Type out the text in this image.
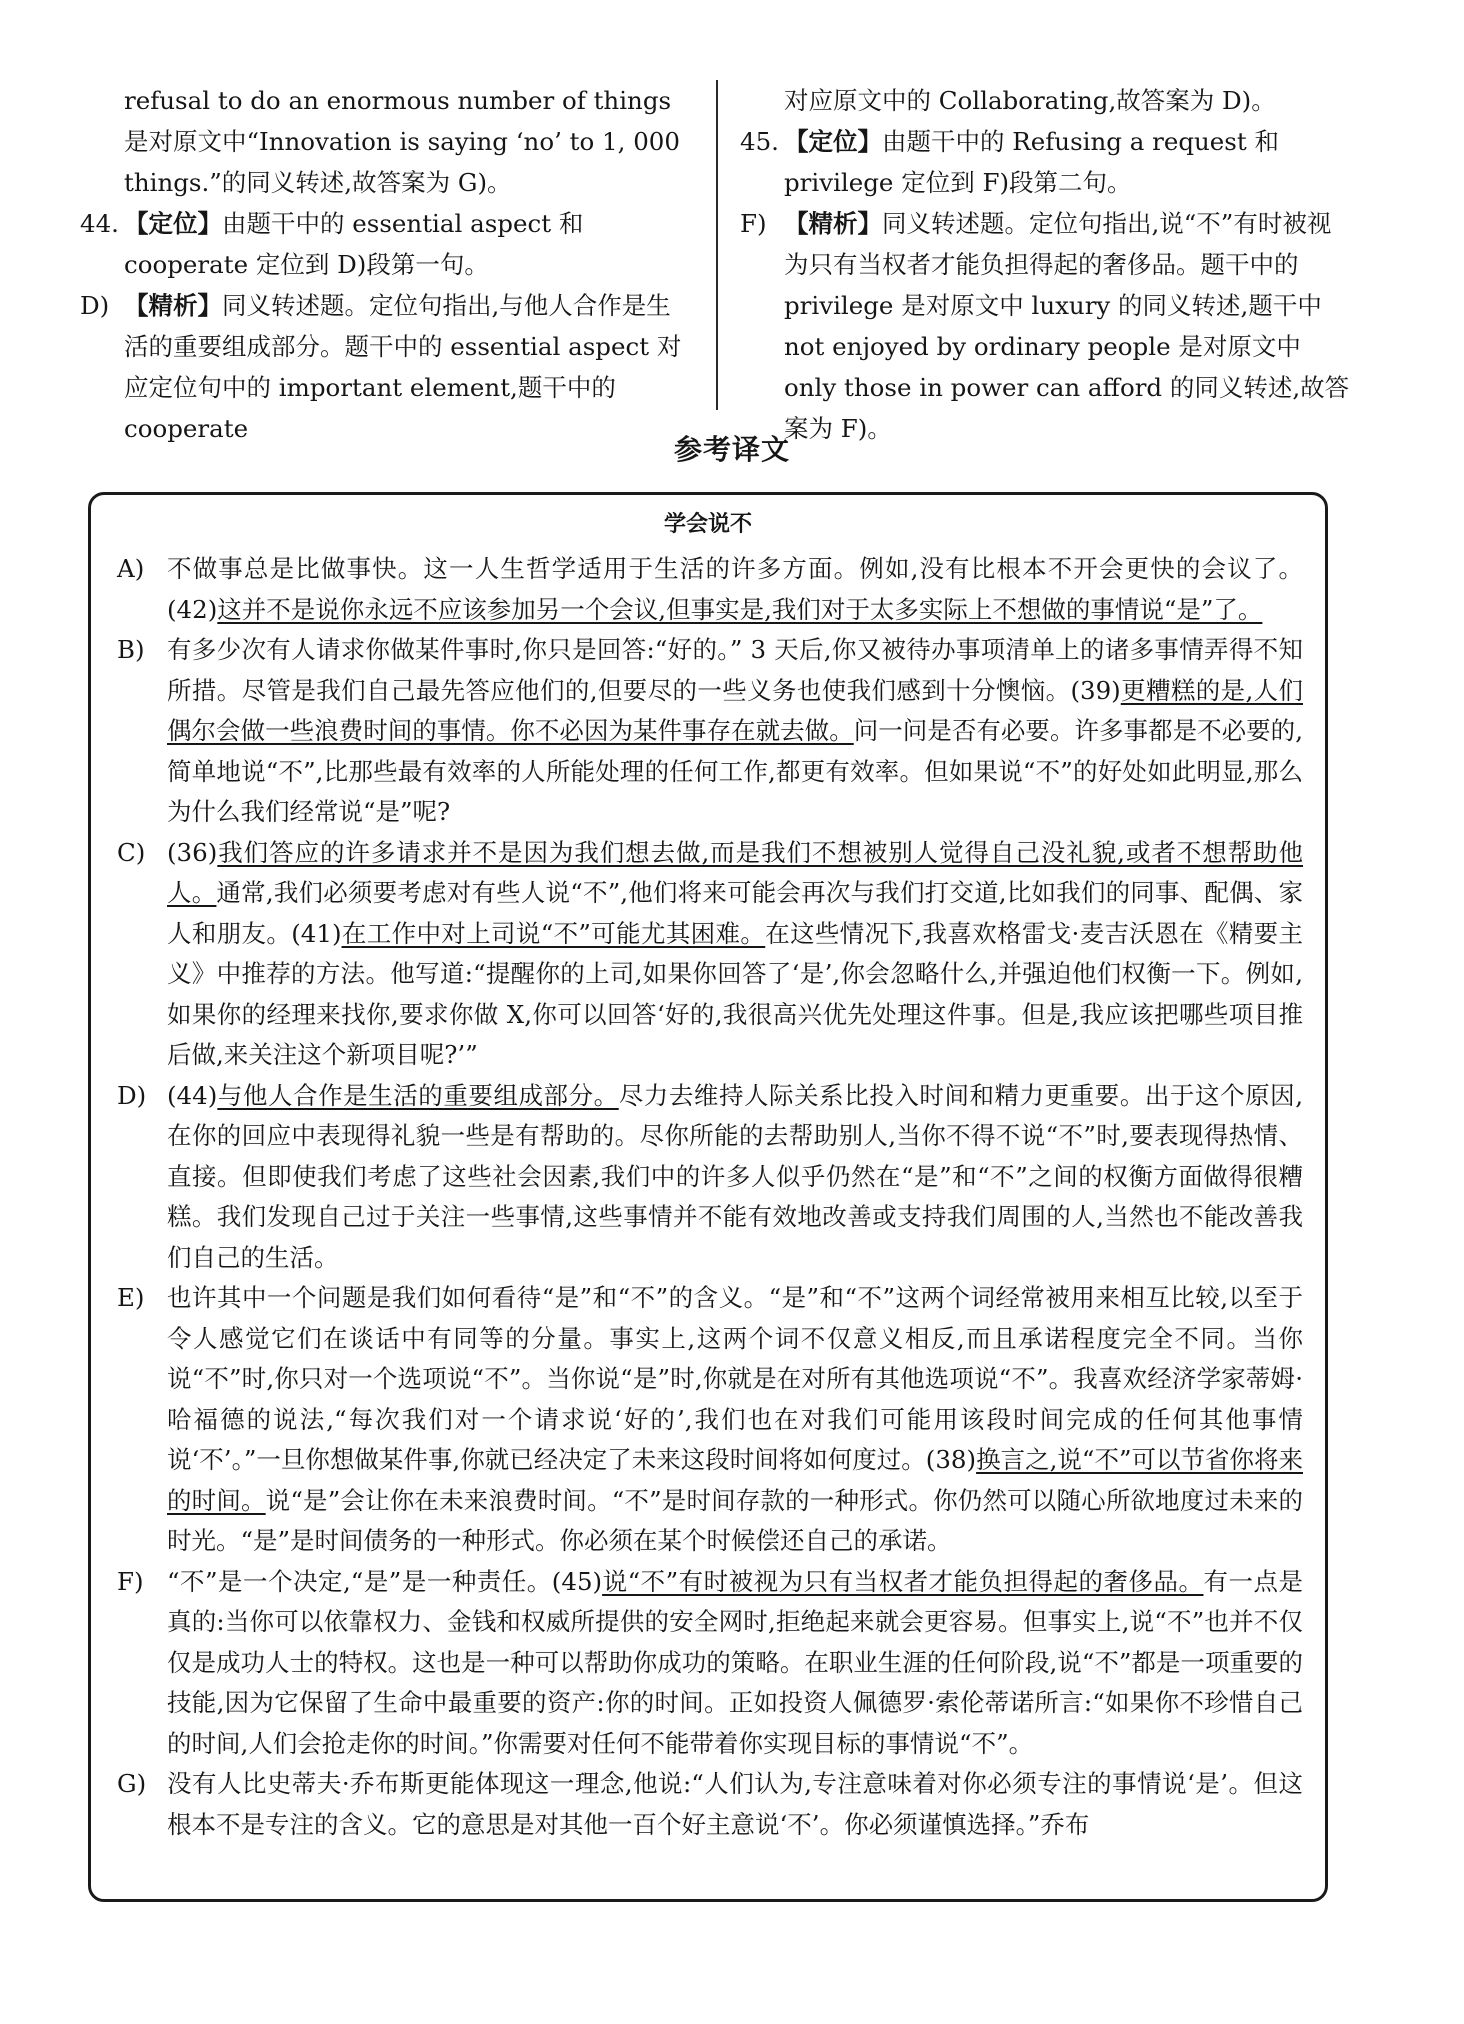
refusal to do an enormous number of things 是对原文中“Innovation is saying ‘no’ to 1, 000 things.”的同义转述,故答案为 G)。

44. 【定位】由题干中的 essential aspect 和 cooperate 定位到 D)段第一句。
D) 【精析】同义转述题。定位句指出,与他人合作是生活的重要组成部分。题干中的 essential aspect 对应定位句中的 important element,题干中的 cooperate

对应原文中的 Collaborating,故答案为 D)。

45. 【定位】由题干中的 Refusing a request 和 privilege 定位到 F)段第二句。
F) 【精析】同义转述题。定位句指出,说“不”有时被视为只有当权者才能负担得起的奢侈品。题干中的 privilege 是对原文中 luxury 的同义转述,题干中 not enjoyed by ordinary people 是对原文中 only those in power can afford 的同义转述,故答案为 F)。
参考译文
学会说不
A) 不做事总是比做事快。这一人生哲学适用于生活的许多方面。例如,没有比根本不开会更快的会议了。(42)这并不是说你永远不应该参加另一个会议,但事实是,我们对于太多实际上不想做的事情说“是”了。
B) 有多少次有人请求你做某件事时,你只是回答:“好的。” 3 天后,你又被待办事项清单上的诸多事情弄得不知所措。尽管是我们自己最先答应他们的,但要尽的一些义务也使我们感到十分懊恼。(39)更糟糕的是,人们偶尔会做一些浪费时间的事情。你不必因为某件事存在就去做。问一问是否有必要。许多事都是不必要的,简单地说“不”,比那些最有效率的人所能处理的任何工作,都更有效率。但如果说“不”的好处如此明显,那么为什么我们经常说“是”呢?
C) (36)我们答应的许多请求并不是因为我们想去做,而是我们不想被别人觉得自己没礼貌,或者不想帮助他人。通常,我们必须要考虑对有些人说“不”,他们将来可能会再次与我们打交道,比如我们的同事、配偶、家人和朋友。(41)在工作中对上司说“不”可能尤其困难。在这些情况下,我喜欢格雷戈·麦吉沃恩在《精要主义》中推荐的方法。他写道:“提醒你的上司,如果你回答了‘是’,你会忽略什么,并强迫他们权衡一下。例如,如果你的经理来找你,要求你做 X,你可以回答‘好的,我很高兴优先处理这件事。但是,我应该把哪些项目推后做,来关注这个新项目呢?’”
D) (44)与他人合作是生活的重要组成部分。尽力去维持人际关系比投入时间和精力更重要。出于这个原因,在你的回应中表现得礼貌一些是有帮助的。尽你所能的去帮助别人,当你不得不说“不”时,要表现得热情、直接。但即使我们考虑了这些社会因素,我们中的许多人似乎仍然在“是”和“不”之间的权衡方面做得很糟糕。我们发现自己过于关注一些事情,这些事情并不能有效地改善或支持我们周围的人,当然也不能改善我们自己的生活。
E) 也许其中一个问题是我们如何看待“是”和“不”的含义。“是”和“不”这两个词经常被用来相互比较,以至于令人感觉它们在谈话中有同等的分量。事实上,这两个词不仅意义相反,而且承诺程度完全不同。当你说“不”时,你只对一个选项说“不”。当你说“是”时,你就是在对所有其他选项说“不”。我喜欢经济学家蒂姆·哈福德的说法,“每次我们对一个请求说‘好的’,我们也在对我们可能用该段时间完成的任何其他事情说‘不’。”一旦你想做某件事,你就已经决定了未来这段时间将如何度过。(38)换言之,说“不”可以节省你将来的时间。说“是”会让你在未来浪费时间。“不”是时间存款的一种形式。你仍然可以随心所欲地度过未来的时光。“是”是时间债务的一种形式。你必须在某个时候偿还自己的承诺。
F) “不”是一个决定,“是”是一种责任。(45)说“不”有时被视为只有当权者才能负担得起的奢侈品。有一点是真的:当你可以依靠权力、金钱和权威所提供的安全网时,拒绝起来就会更容易。但事实上,说“不”也并不仅仅是成功人士的特权。这也是一种可以帮助你成功的策略。在职业生涯的任何阶段,说“不”都是一项重要的技能,因为它保留了生命中最重要的资产:你的时间。正如投资人佩德罗·索伦蒂诺所言:“如果你不珍惜自己的时间,人们会抢走你的时间。”你需要对任何不能带着你实现目标的事情说“不”。
G) 没有人比史蒂夫·乔布斯更能体现这一理念,他说:“人们认为,专注意味着对你必须专注的事情说‘是’。但这根本不是专注的含义。它的意思是对其他一百个好主意说‘不’。你必须谨慎选择。”乔布
